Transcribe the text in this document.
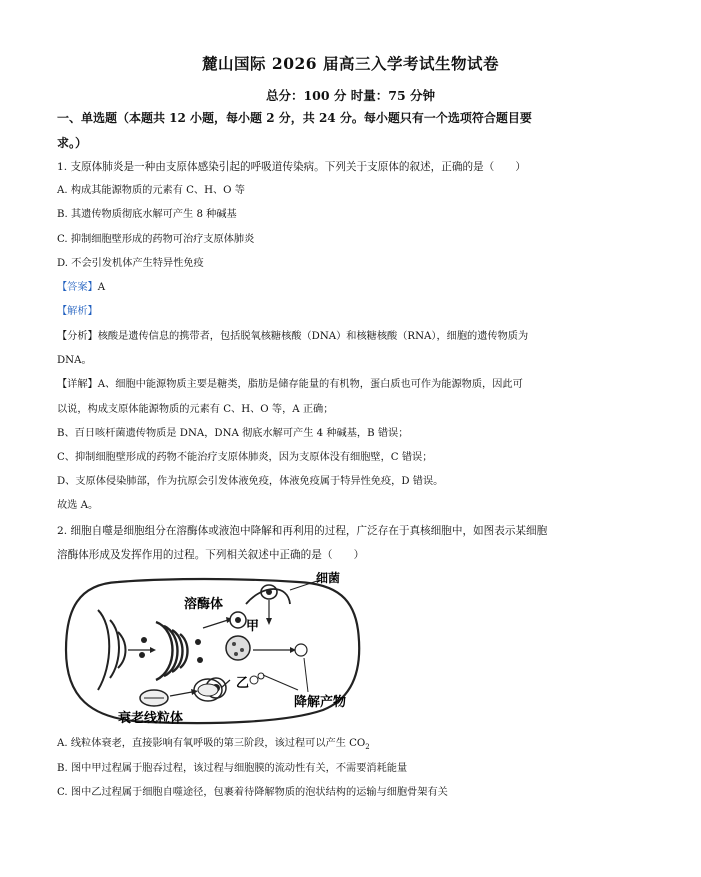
麓山国际 2026 届高三入学考试生物试卷
总分：100 分 时量：75 分钟
一、单选题（本题共 12 小题，每小题 2 分，共 24 分。每小题只有一个选项符合题目要
求。）
1. 支原体肺炎是一种由支原体感染引起的呼吸道传染病。下列关于支原体的叙述，正确的是（　　）
A. 构成其能源物质的元素有 C、H、O 等
B. 其遗传物质彻底水解可产生 8 种碱基
C. 抑制细胞壁形成的药物可治疗支原体肺炎
D. 不会引发机体产生特异性免疫
【答案】A
【解析】
【分析】核酸是遗传信息的携带者，包括脱氧核糖核酸（DNA）和核糖核酸（RNA），细胞的遗传物质为
DNA。
【详解】A、细胞中能源物质主要是糖类，脂肪是储存能量的有机物，蛋白质也可作为能源物质，因此可
以说，构成支原体能源物质的元素有 C、H、O 等，A 正确；
B、百日咳杆菌遗传物质是 DNA，DNA 彻底水解可产生 4 种碱基，B 错误；
C、抑制细胞壁形成的药物不能治疗支原体肺炎，因为支原体没有细胞壁，C 错误；
D、支原体侵染肺部，作为抗原会引发体液免疫，体液免疫属于特异性免疫，D 错误。
故选 A。
2. 细胞自噬是细胞组分在溶酶体或液泡中降解和再利用的过程，广泛存在于真核细胞中，如图表示某细胞
溶酶体形成及发挥作用的过程。下列相关叙述中正确的是（　　）
细菌
溶酶体
甲
乙
降解产物
衰老线粒体
A. 线粒体衰老，直接影响有氧呼吸的第三阶段，该过程可以产生 $CO_2$
B. 图中甲过程属于胞吞过程，该过程与细胞膜的流动性有关，不需要消耗能量
C. 图中乙过程属于细胞自噬途径，包裹着待降解物质的泡状结构的运输与细胞骨架有关
